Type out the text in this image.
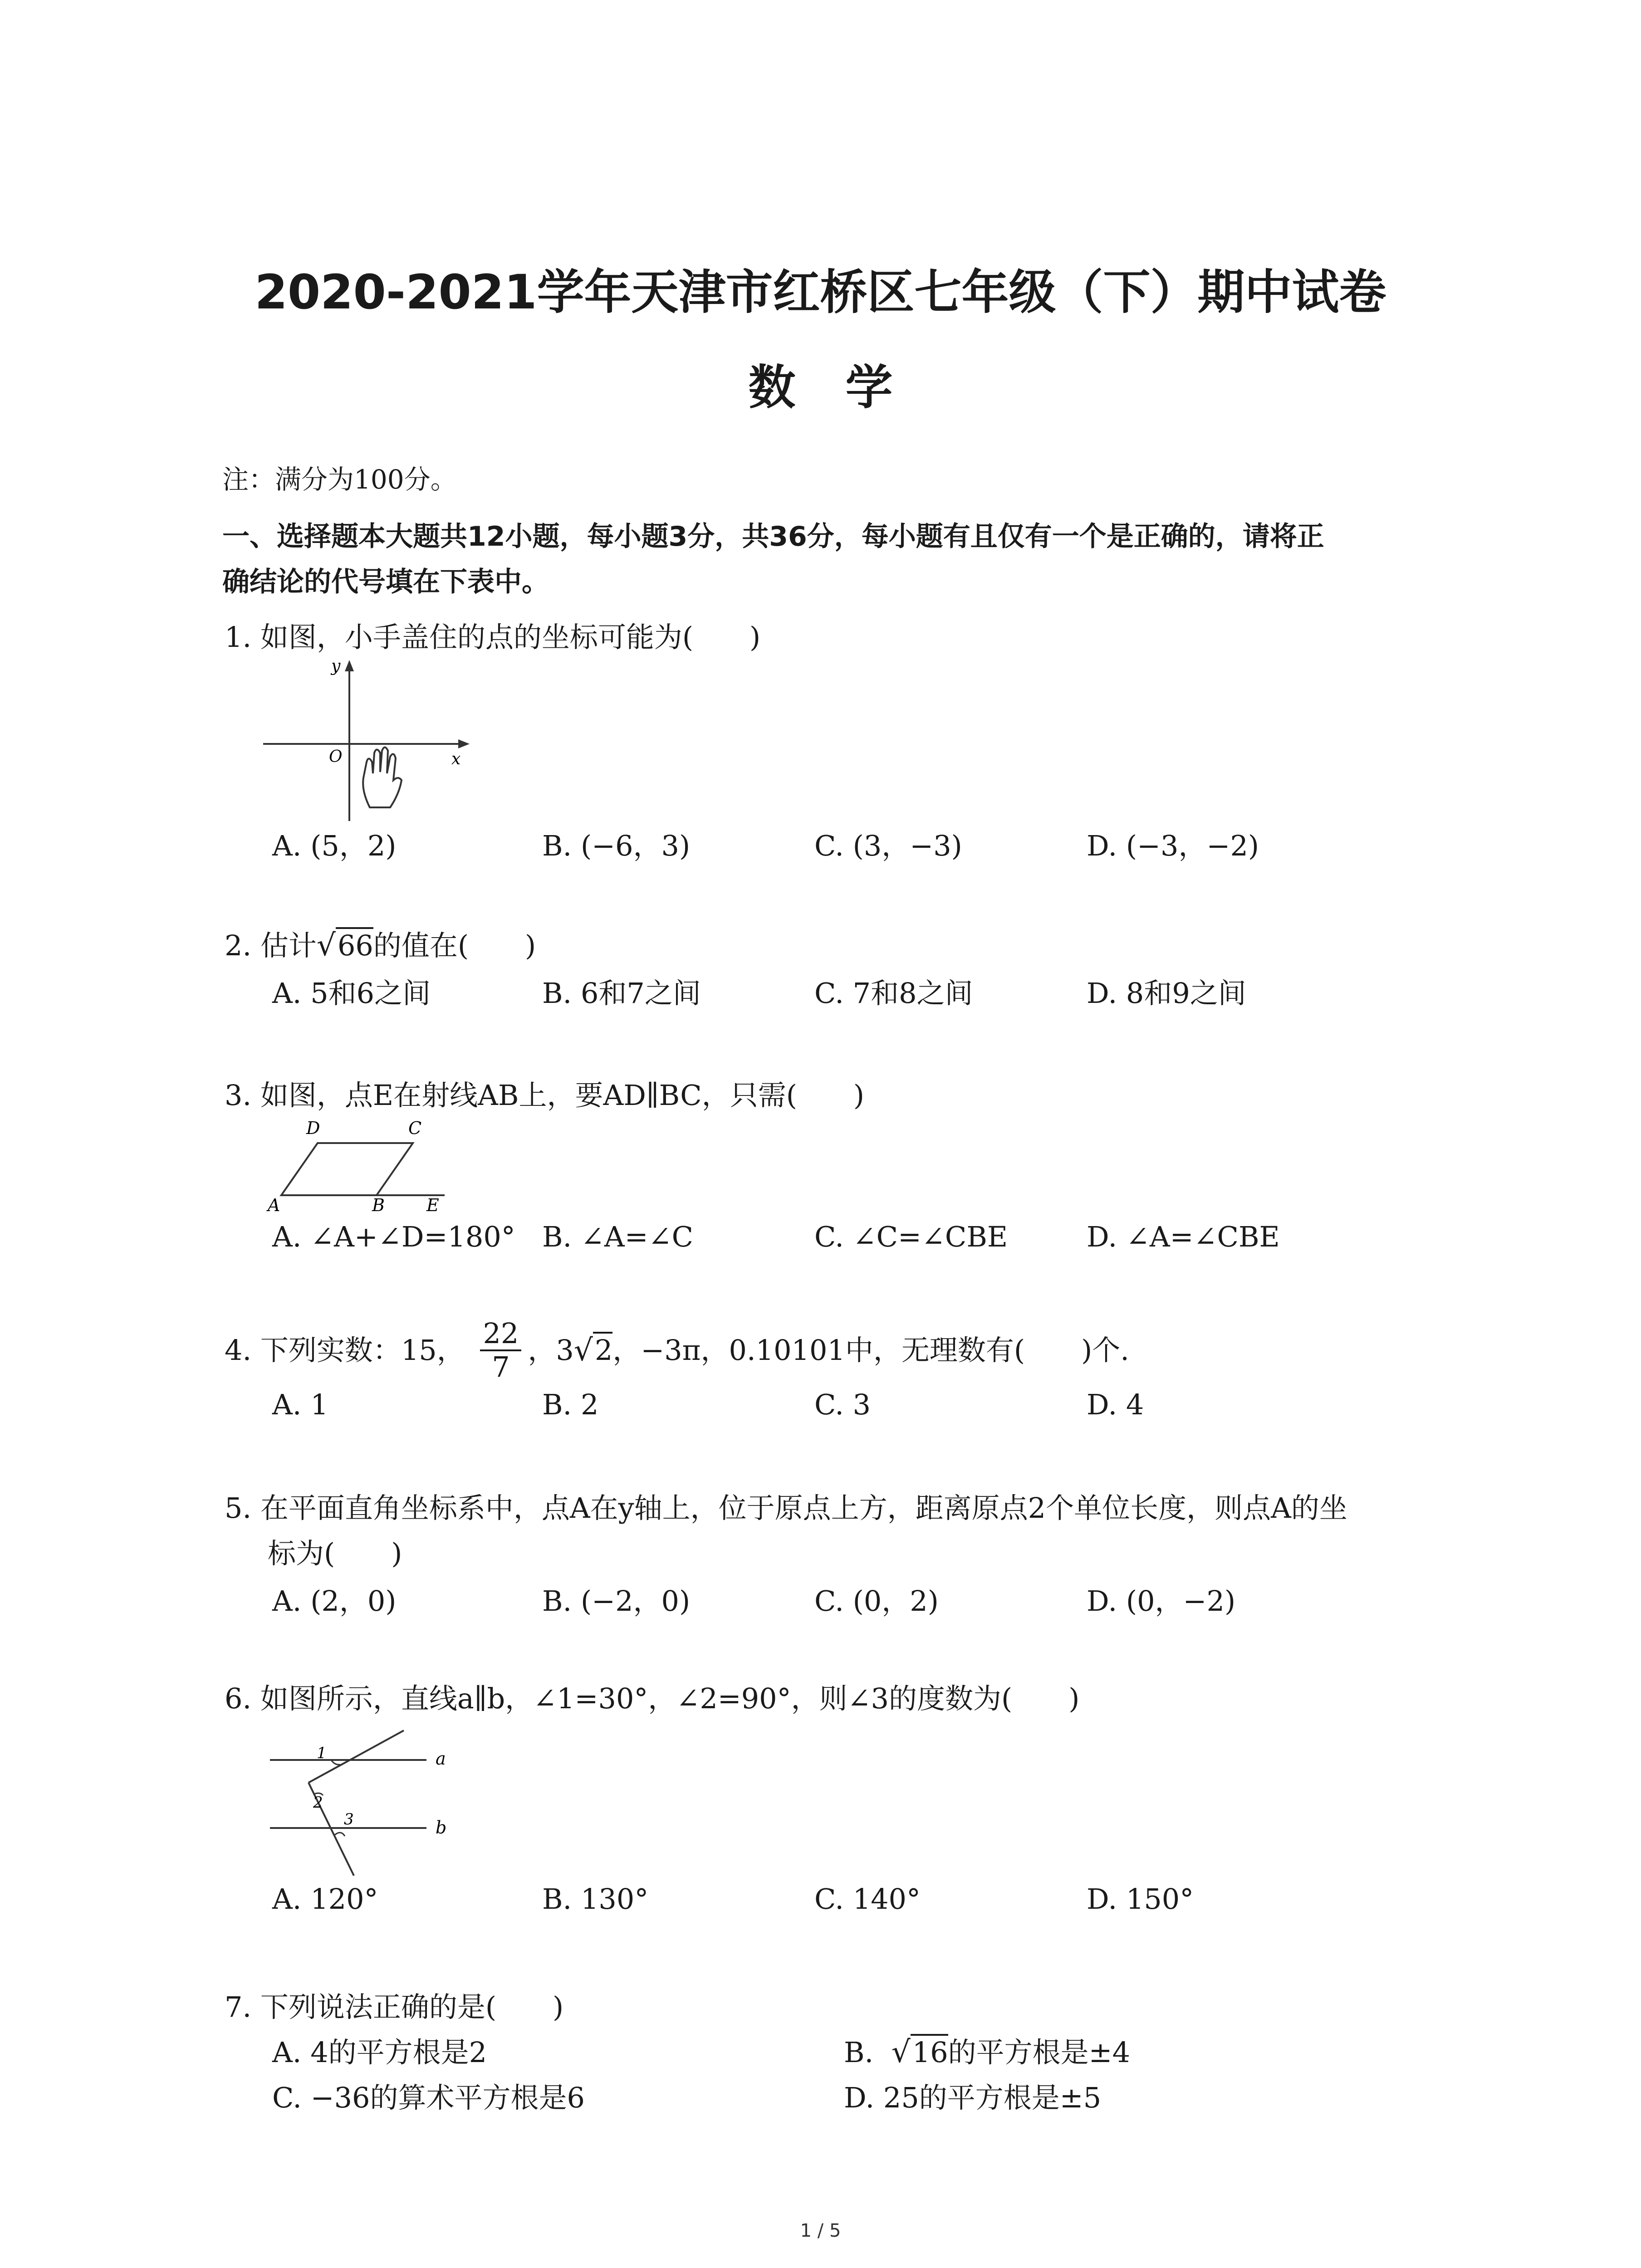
2020-2021学年天津市红桥区七年级（下）期中试卷
数学
注：满分为100分。
一、选择题本大题共12小题，每小题3分，共36分，每小题有且仅有一个是正确的，请将正
确结论的代号填在下表中。
1. 如图，小手盖住的点的坐标可能为(　　)
y
O	x
A. (5，2)	B. (−6，3)	C. (3，−3)	D. (−3，−2)
2. 估计√66的值在(　　)
A. 5和6之间	B. 6和7之间	C. 7和8之间	D. 8和9之间
3. 如图，点E在射线AB上，要AD∥BC，只需(　　)
D	C
A	B E
A. ∠A+∠D=180° B. ∠A=∠C	C. ∠C=∠CBE	D. ∠A=∠CBE
4. 下列实数：15， $\frac{22}{7}$ ，3√2，−3π，0.10101中，无理数有(　　)个.
A. 1	B. 2	C. 3	D. 4
5. 在平面直角坐标系中，点A在y轴上，位于原点上方，距离原点2个单位长度，则点A的坐
标为(　　)
A. (2，0)	B. (−2，0)	C. (0，2)	D. (0，−2)
6. 如图所示，直线a∥b，∠1=30°，∠2=90°，则∠3的度数为(　　)
a
b
1
2
3
A. 120°	B. 130°	C. 140°	D. 150°
7. 下列说法正确的是(　　)
A. 4的平方根是2	B. √16的平方根是±4
C. −36的算术平方根是6	D. 25的平方根是±5
1 / 5
